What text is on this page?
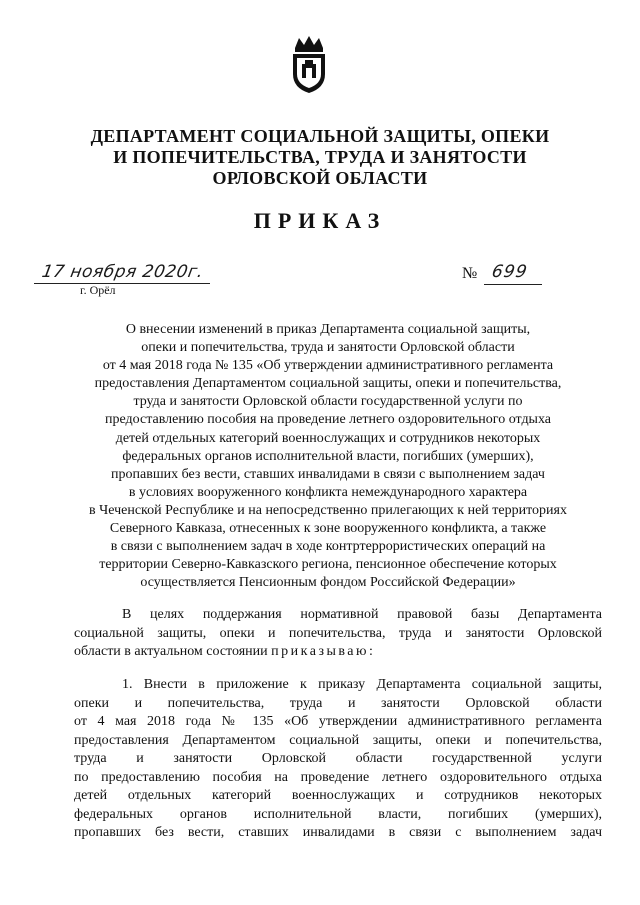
ДЕПАРТАМЕНТ СОЦИАЛЬНОЙ ЗАЩИТЫ, ОПЕКИ
И ПОПЕЧИТЕЛЬСТВА, ТРУДА И ЗАНЯТОСТИ
ОРЛОВСКОЙ ОБЛАСТИ
ПРИКАЗ
17 ноября 2020г.
г. Орёл
№ 699
О внесении изменений в приказ Департамента социальной защиты,
опеки и попечительства, труда и занятости Орловской области
от 4 мая 2018 года № 135 «Об утверждении административного регламента
предоставления Департаментом социальной защиты, опеки и попечительства,
труда и занятости Орловской области государственной услуги по
предоставлению пособия на проведение летнего оздоровительного отдыха
детей отдельных категорий военнослужащих и сотрудников некоторых
федеральных органов исполнительной власти, погибших (умерших),
пропавших без вести, ставших инвалидами в связи с выполнением задач
в условиях вооруженного конфликта немеждународного характера
в Чеченской Республике и на непосредственно прилегающих к ней территориях
Северного Кавказа, отнесенных к зоне вооруженного конфликта, а также
в связи с выполнением задач в ходе контртеррористических операций на
территории Северно-Кавказского региона, пенсионное обеспечение которых
осуществляется Пенсионным фондом Российской Федерации»
В целях поддержания нормативной правовой базы Департамента
социальной защиты, опеки и попечительства, труда и занятости Орловской
области в актуальном состоянии приказываю:
1. Внести в приложение к приказу Департамента социальной защиты,
опеки и попечительства, труда и занятости Орловской области
от 4 мая 2018 года № 135 «Об утверждении административного регламента
предоставления Департаментом социальной защиты, опеки и попечительства,
труда и занятости Орловской области государственной услуги
по предоставлению пособия на проведение летнего оздоровительного отдыха
детей отдельных категорий военнослужащих и сотрудников некоторых
федеральных органов исполнительной власти, погибших (умерших),
пропавших без вести, ставших инвалидами в связи с выполнением задач
